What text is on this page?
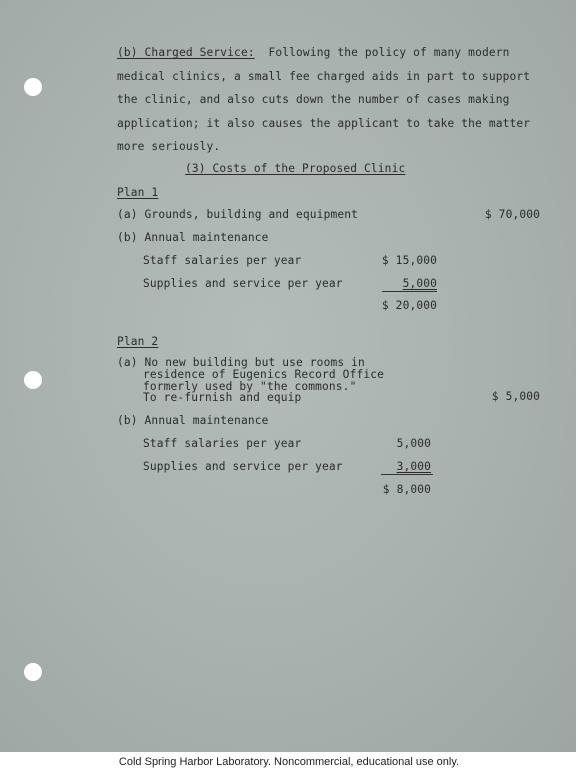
(b) Charged Service: Following the policy of many modern
medical clinics, a small fee charged aids in part to support
the clinic, and also cuts down the number of cases making
application; it also causes the applicant to take the matter
more seriously.
(3) Costs of the Proposed Clinic
Plan 1
(a) Grounds, building and equipment	$ 70,000
(b) Annual maintenance
Staff salaries per year	$ 15,000
Supplies and service per year	5,000
$ 20,000
Plan 2
(a) No new building but use rooms in
residence of Eugenics Record Office
formerly used by "the commons."
To re-furnish and equip	$ 5,000
(b) Annual maintenance
Staff salaries per year	5,000
Supplies and service per year	3,000
$ 8,000
Cold Spring Harbor Laboratory. Noncommercial, educational use only.
